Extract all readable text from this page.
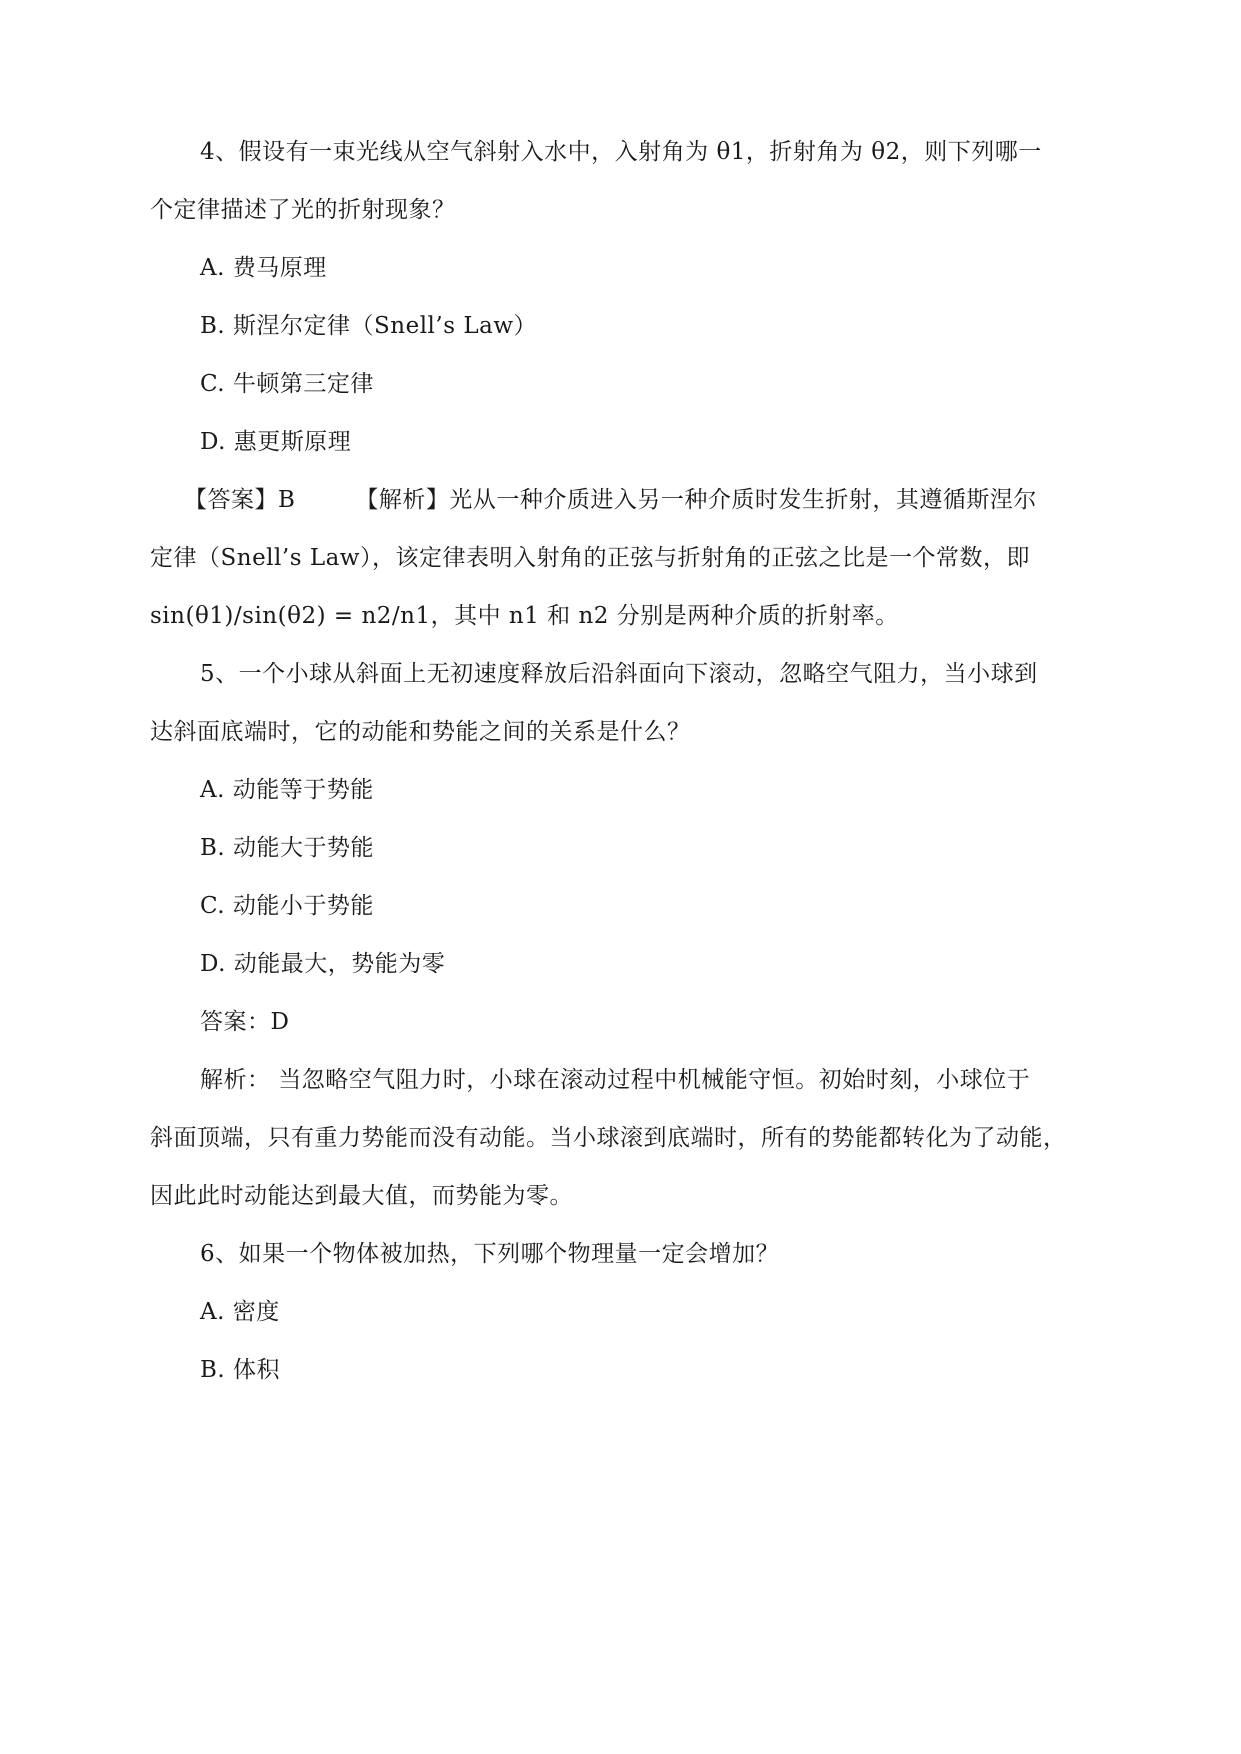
4、假设有一束光线从空气斜射入水中，入射角为 θ1，折射角为 θ2，则下列哪一
个定律描述了光的折射现象？
A. 费马原理
B. 斯涅尔定律（Snell’s Law）
C. 牛顿第三定律
D. 惠更斯原理
【答案】B	【解析】光从一种介质进入另一种介质时发生折射，其遵循斯涅尔
定律（Snell’s Law），该定律表明入射角的正弦与折射角的正弦之比是一个常数，即
sin(θ1)/sin(θ2) = n2/n1，其中 n1 和 n2 分别是两种介质的折射率。
5、一个小球从斜面上无初速度释放后沿斜面向下滚动，忽略空气阻力，当小球到
达斜面底端时，它的动能和势能之间的关系是什么？
A. 动能等于势能
B. 动能大于势能
C. 动能小于势能
D. 动能最大，势能为零
答案：D
解析： 当忽略空气阻力时，小球在滚动过程中机械能守恒。初始时刻，小球位于
斜面顶端，只有重力势能而没有动能。当小球滚到底端时，所有的势能都转化为了动能，
因此此时动能达到最大值，而势能为零。
6、如果一个物体被加热，下列哪个物理量一定会增加？
A. 密度
B. 体积
